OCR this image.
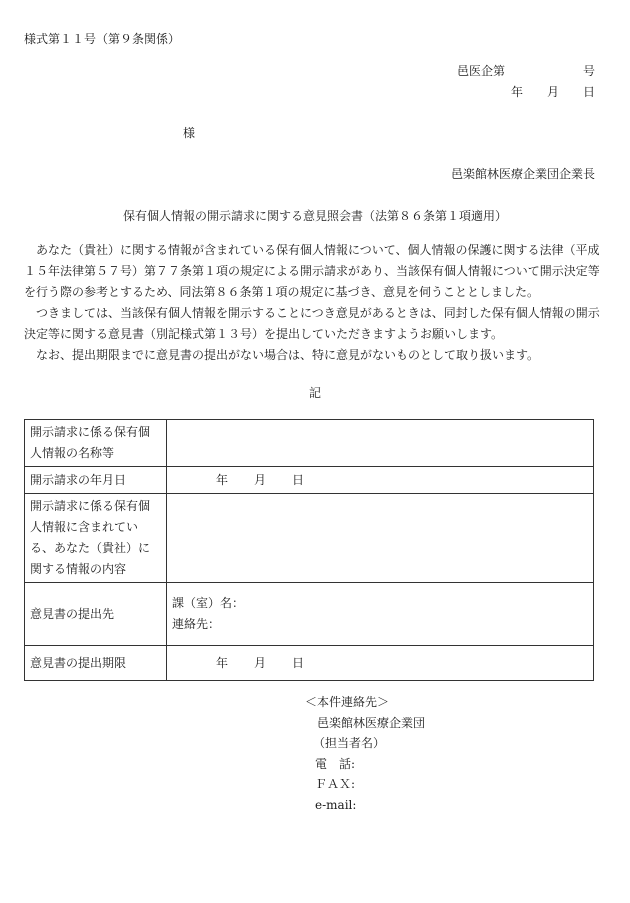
様式第１１号（第９条関係）
邑医企第	号
年 月 日
様
邑楽館林医療企業団企業長
保有個人情報の開示請求に関する意見照会書（法第８６条第１項適用）

あなた（貴社）に関する情報が含まれている保有個人情報について、個人情報の保護に関する法律（平成１５年法律第５７号）第７７条第１項の規定による開示請求があり、当該保有個人情報について開示決定等を行う際の参考とするため、同法第８６条第１項の規定に基づき、意見を伺うこととしました。

つきましては、当該保有個人情報を開示することにつき意見があるときは、同封した保有個人情報の開示決定等に関する意見書（別記様式第１３号）を提出していただきますようお願いします。

なお、提出期限までに意見書の提出がない場合は、特に意見がないものとして取り扱います。

記
開示請求に係る保有個人情報の名称等	
開示請求の年月日	年 月 日
開示請求に係る保有個人情報に含まれている、あなた（貴社）に関する情報の内容	
意見書の提出先	課（室）名：
連絡先：

意見書の提出期限	年 月 日
＜本件連絡先＞
邑楽館林医療企業団
（担当者名）
電　話:
ＦＡＸ:
e-mail:
